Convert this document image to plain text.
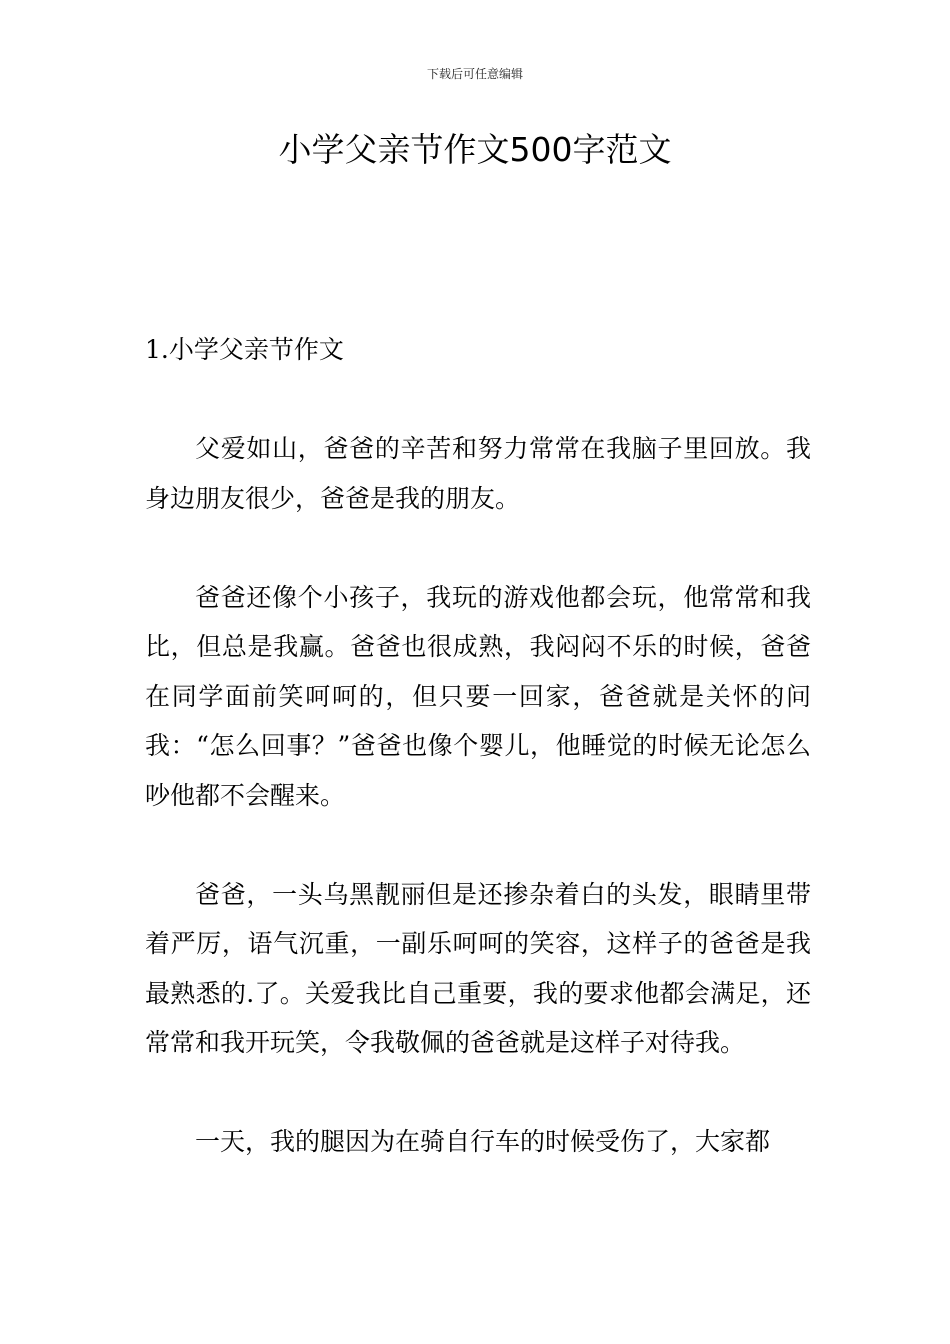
下载后可任意编辑
小学父亲节作文500字范文

1.小学父亲节作文

父爱如山，爸爸的辛苦和努力常常在我脑子里回放。我身边朋友很少，爸爸是我的朋友。

爸爸还像个小孩子，我玩的游戏他都会玩，他常常和我比，但总是我赢。爸爸也很成熟，我闷闷不乐的时候，爸爸在同学面前笑呵呵的，但只要一回家，爸爸就是关怀的问我：“怎么回事？”爸爸也像个婴儿，他睡觉的时候无论怎么吵他都不会醒来。

爸爸，一头乌黑靓丽但是还掺杂着白的头发，眼睛里带着严厉，语气沉重，一副乐呵呵的笑容，这样子的爸爸是我最熟悉的.了。关爱我比自己重要，我的要求他都会满足，还常常和我开玩笑，令我敬佩的爸爸就是这样子对待我。

一天，我的腿因为在骑自行车的时候受伤了，大家都
